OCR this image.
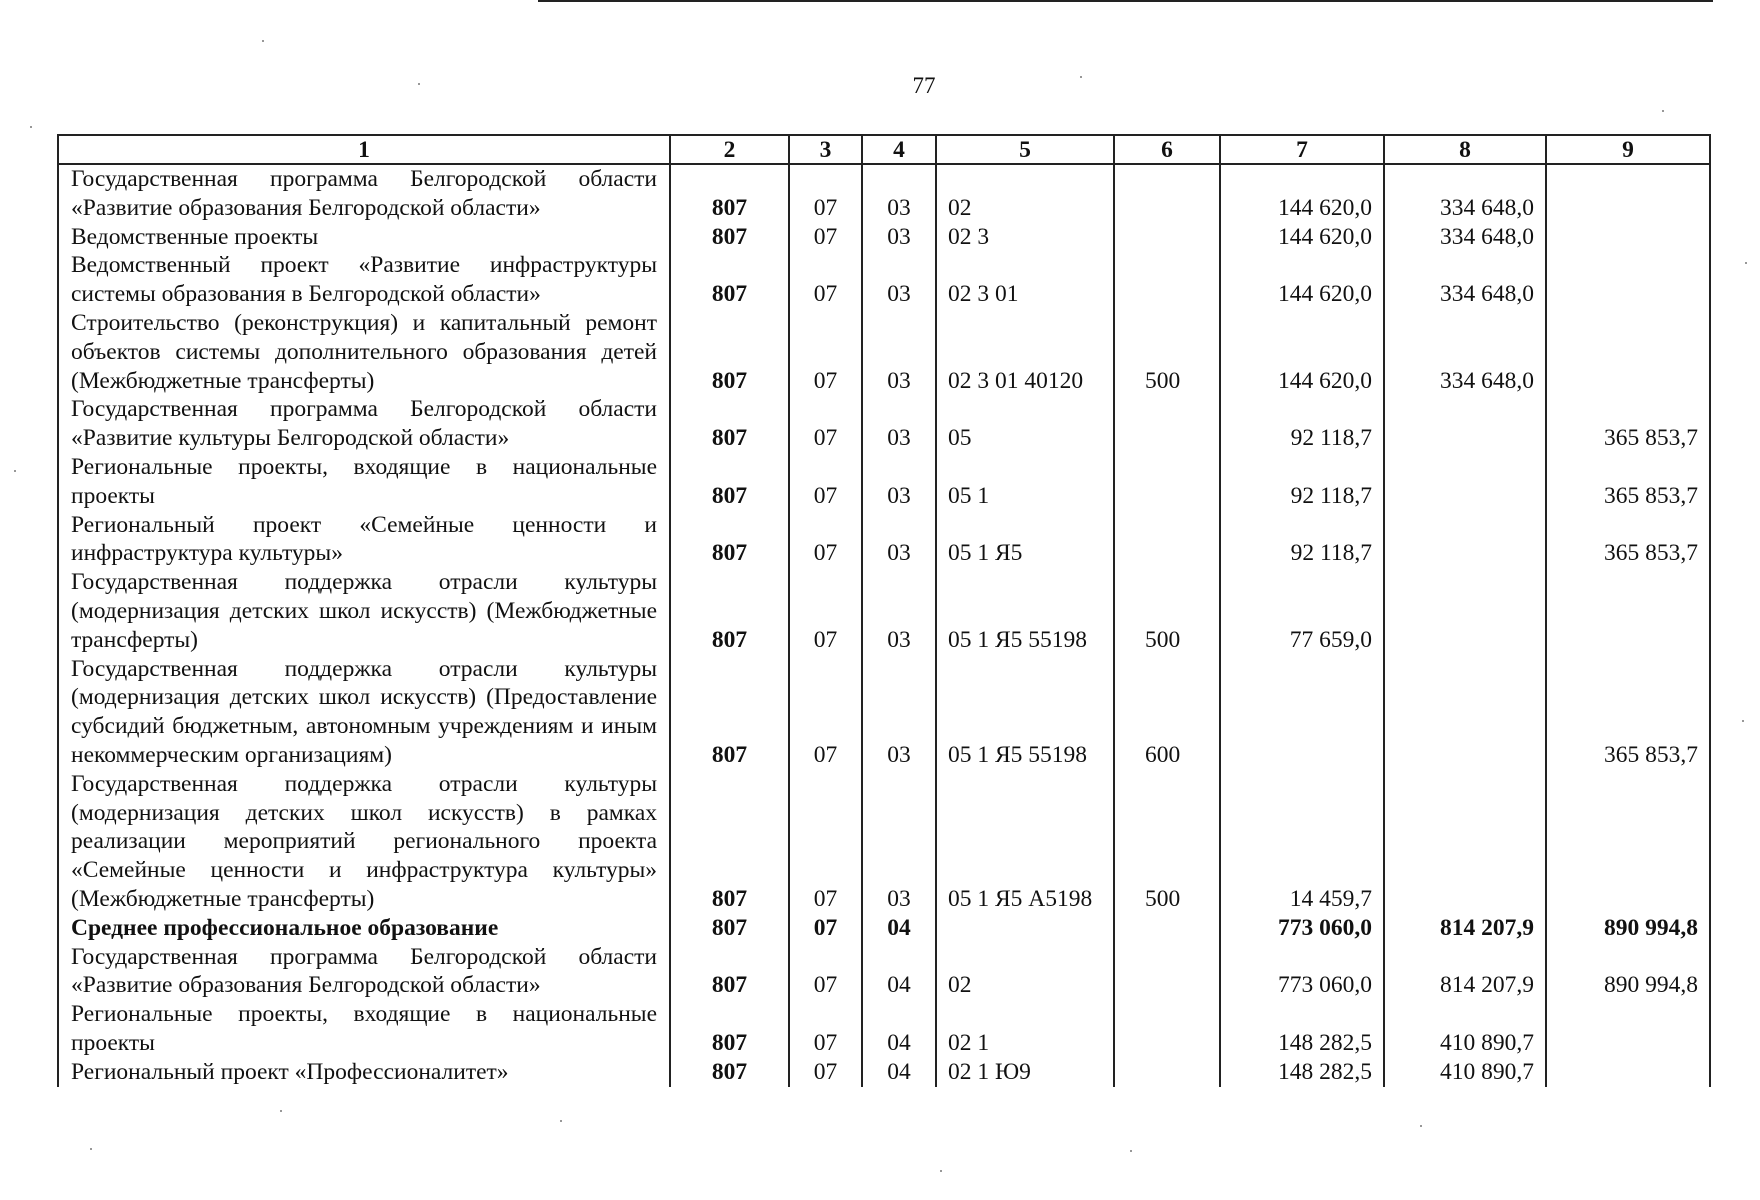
77
1	2	3	4	5	6	7	8	9
Государственная программа Белгородской области «Развитие образования Белгородской области»	807	07	03	02		144 620,0	334 648,0	
Ведомственные проекты	807	07	03	02 3		144 620,0	334 648,0	
Ведомственный проект «Развитие инфраструктуры системы образования в Белгородской области»	807	07	03	02 3 01		144 620,0	334 648,0	
Строительство (реконструкция) и капитальный ремонт объектов системы дополнительного образования детей (Межбюджетные трансферты)	807	07	03	02 3 01 40120	500	144 620,0	334 648,0	
Государственная программа Белгородской области «Развитие культуры Белгородской области»	807	07	03	05		92 118,7		365 853,7
Региональные проекты, входящие в национальные проекты	807	07	03	05 1		92 118,7		365 853,7
Региональный проект «Семейные ценности и инфраструктура культуры»	807	07	03	05 1 Я5		92 118,7		365 853,7
Государственная поддержка отрасли культуры (модернизация детских школ искусств) (Межбюджетные трансферты)	807	07	03	05 1 Я5 55198	500	77 659,0		
Государственная поддержка отрасли культуры (модернизация детских школ искусств) (Предоставление субсидий бюджетным, автономным учреждениям и иным некоммерческим организациям)	807	07	03	05 1 Я5 55198	600			365 853,7
Государственная поддержка отрасли культуры (модернизация детских школ искусств) в рамках реализации мероприятий регионального проекта «Семейные ценности и инфраструктура культуры» (Межбюджетные трансферты)	807	07	03	05 1 Я5 А5198	500	14 459,7		
Среднее профессиональное образование	807	07	04			773 060,0	814 207,9	890 994,8
Государственная программа Белгородской области «Развитие образования Белгородской области»	807	07	04	02		773 060,0	814 207,9	890 994,8
Региональные проекты, входящие в национальные проекты	807	07	04	02 1		148 282,5	410 890,7	
Региональный проект «Профессионалитет»	807	07	04	02 1 Ю9		148 282,5	410 890,7	
